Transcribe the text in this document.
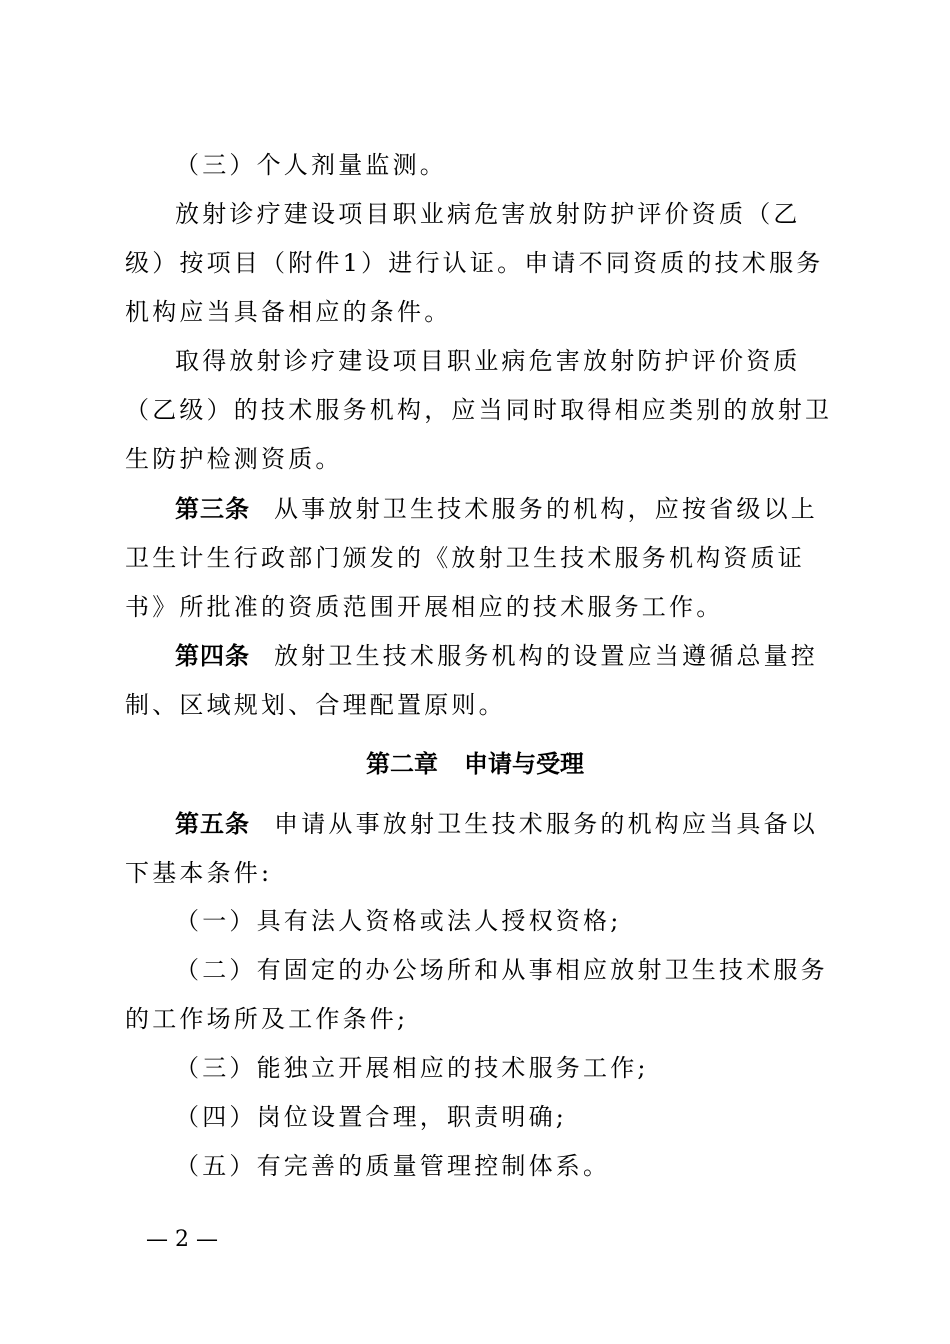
（三）个人剂量监测。

放射诊疗建设项目职业病危害放射防护评价资质（乙级）按项目（附件1）进行认证。申请不同资质的技术服务机构应当具备相应的条件。

取得放射诊疗建设项目职业病危害放射防护评价资质（乙级）的技术服务机构，应当同时取得相应类别的放射卫生防护检测资质。

第三条 从事放射卫生技术服务的机构，应按省级以上卫生计生行政部门颁发的《放射卫生技术服务机构资质证书》所批准的资质范围开展相应的技术服务工作。

第四条 放射卫生技术服务机构的设置应当遵循总量控制、区域规划、合理配置原则。

第二章 申请与受理

第五条 申请从事放射卫生技术服务的机构应当具备以下基本条件:

（一）具有法人资格或法人授权资格;

（二）有固定的办公场所和从事相应放射卫生技术服务的工作场所及工作条件;

（三）能独立开展相应的技术服务工作;

（四）岗位设置合理，职责明确;

（五）有完善的质量管理控制体系。

— 2 —
